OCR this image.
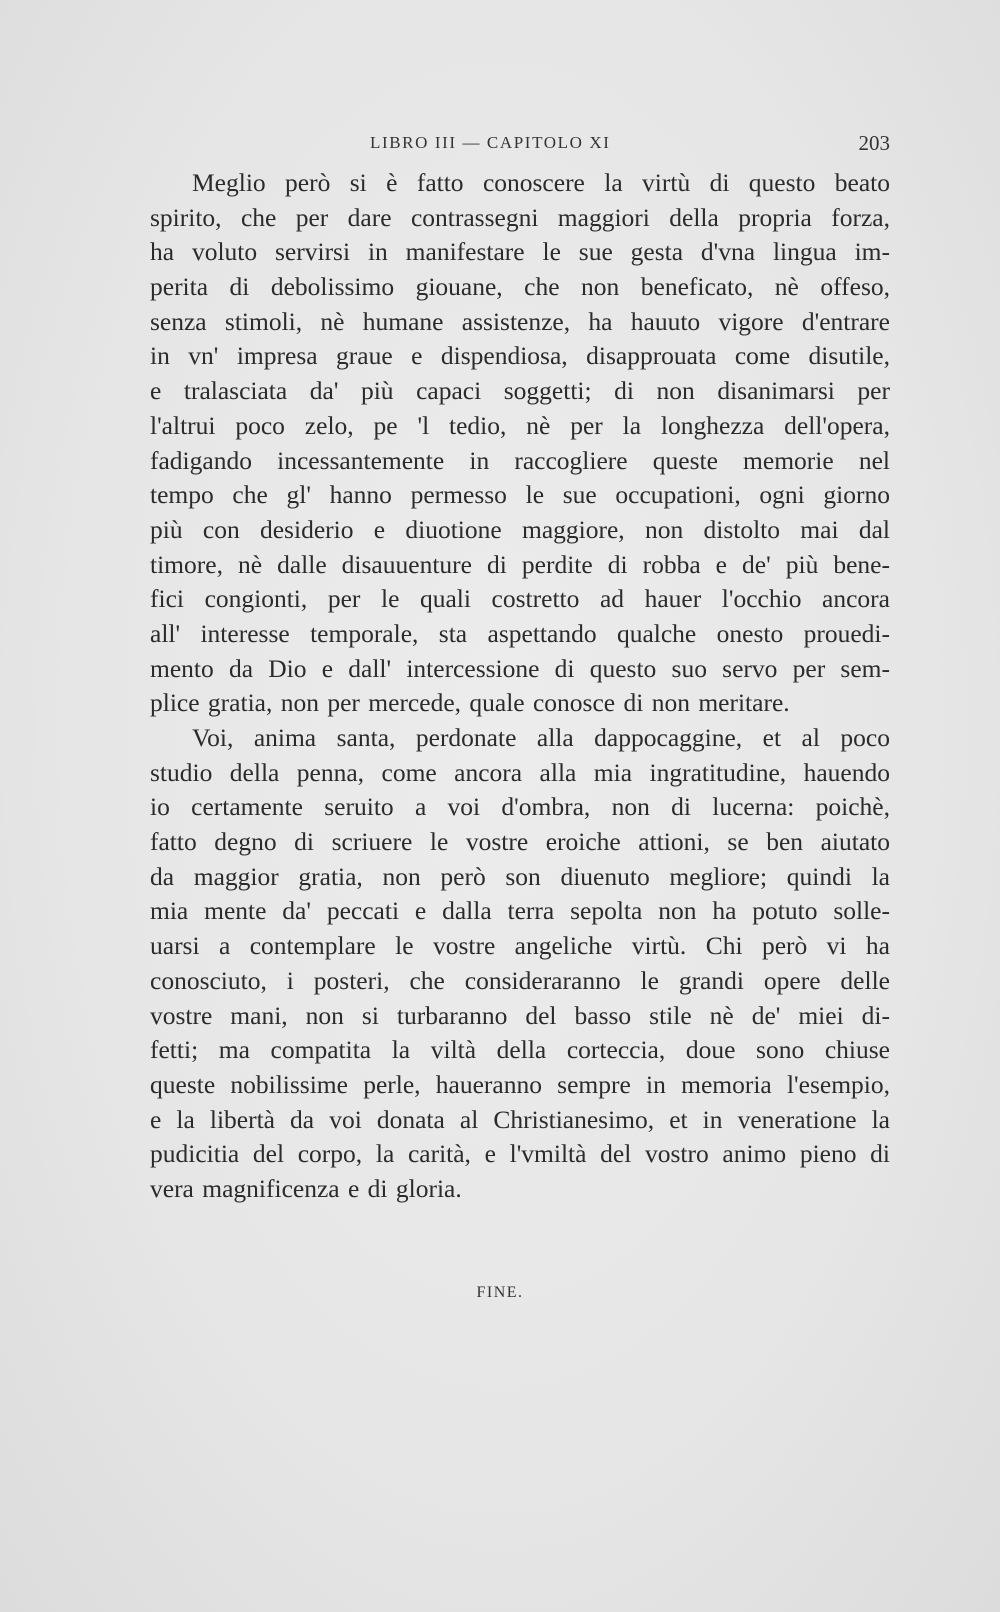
LIBRO III — CAPITOLO XI	203
Meglio però si è fatto conoscere la virtù di questo beato
spirito, che per dare contrassegni maggiori della propria forza,
ha voluto servirsi in manifestare le sue gesta d'vna lingua im-
perita di debolissimo giouane, che non beneficato, nè offeso,
senza stimoli, nè humane assistenze, ha hauuto vigore d'entrare
in vn' impresa graue e dispendiosa, disapprouata come disutile,
e tralasciata da' più capaci soggetti; di non disanimarsi per
l'altrui poco zelo, pe 'l tedio, nè per la longhezza dell'opera,
fadigando incessantemente in raccogliere queste memorie nel
tempo che gl' hanno permesso le sue occupationi, ogni giorno
più con desiderio e diuotione maggiore, non distolto mai dal
timore, nè dalle disauuenture di perdite di robba e de' più bene-
fici congionti, per le quali costretto ad hauer l'occhio ancora
all' interesse temporale, sta aspettando qualche onesto prouedi-
mento da Dio e dall' intercessione di questo suo servo per sem-
plice gratia, non per mercede, quale conosce di non meritare.
Voi, anima santa, perdonate alla dappocaggine, et al poco
studio della penna, come ancora alla mia ingratitudine, hauendo
io certamente seruito a voi d'ombra, non di lucerna: poichè,
fatto degno di scriuere le vostre eroiche attioni, se ben aiutato
da maggior gratia, non però son diuenuto megliore; quindi la
mia mente da' peccati e dalla terra sepolta non ha potuto solle-
uarsi a contemplare le vostre angeliche virtù. Chi però vi ha
conosciuto, i posteri, che consideraranno le grandi opere delle
vostre mani, non si turbaranno del basso stile nè de' miei di-
fetti; ma compatita la viltà della corteccia, doue sono chiuse
queste nobilissime perle, haueranno sempre in memoria l'esempio,
e la libertà da voi donata al Christianesimo, et in veneratione la
pudicitia del corpo, la carità, e l'vmiltà del vostro animo pieno di
vera magnificenza e di gloria.
FINE.
